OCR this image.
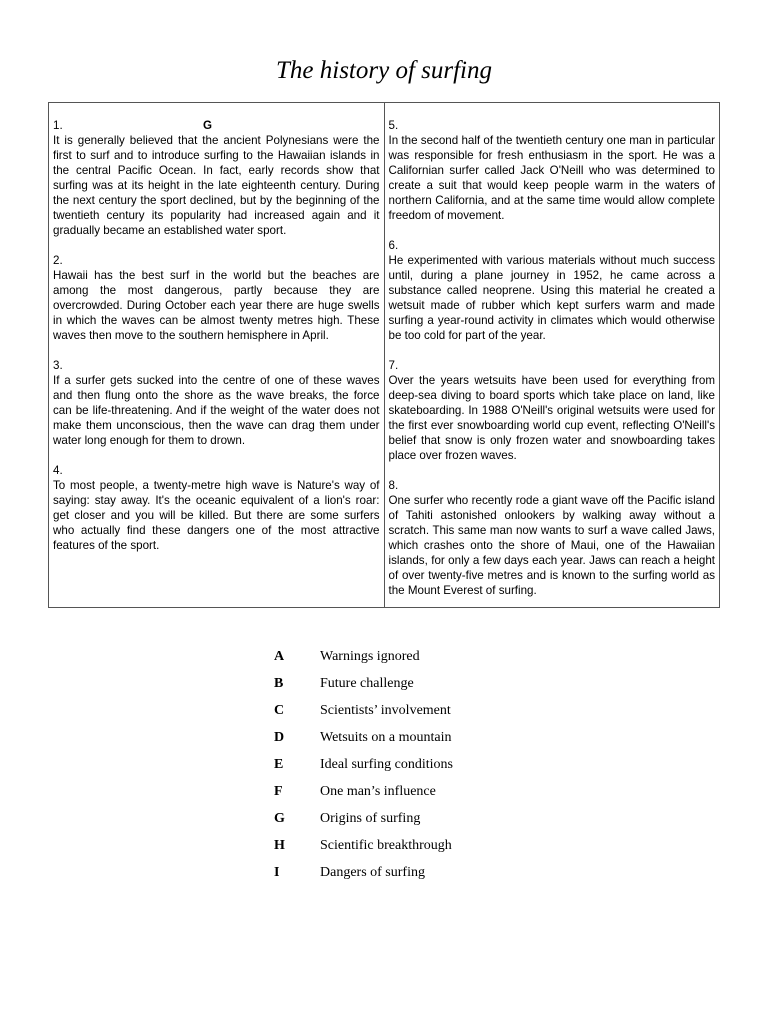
The history of surfing
1.	G
It is generally believed that the ancient Polynesians were the first to surf and to introduce surfing to the Hawaiian islands in the central Pacific Ocean. In fact, early records show that surfing was at its height in the late eighteenth century. During the next century the sport declined, but by the beginning of the twentieth century its popularity had increased again and it gradually became an established water sport.
2.
Hawaii has the best surf in the world but the beaches are among the most dangerous, partly because they are overcrowded. During October each year there are huge swells in which the waves can be almost twenty metres high. These waves then move to the southern hemisphere in April.
3.
If a surfer gets sucked into the centre of one of these waves and then flung onto the shore as the wave breaks, the force can be life-threatening. And if the weight of the water does not make them unconscious, then the wave can drag them under water long enough for them to drown.
4.
To most people, a twenty-metre high wave is Nature's way of saying: stay away. It's the oceanic equivalent of a lion's roar: get closer and you will be killed. But there are some surfers who actually find these dangers one of the most attractive features of the sport.
5.
In the second half of the twentieth century one man in particular was responsible for fresh enthusiasm in the sport. He was a Californian surfer called Jack O'Neill who was determined to create a suit that would keep people warm in the waters of northern California, and at the same time would allow complete freedom of movement.
6.
He experimented with various materials without much success until, during a plane journey in 1952, he came across a substance called neoprene. Using this material he created a wetsuit made of rubber which kept surfers warm and made surfing a year-round activity in climates which would otherwise be too cold for part of the year.
7.
Over the years wetsuits have been used for everything from deep-sea diving to board sports which take place on land, like skateboarding. In 1988 O'Neill's original wetsuits were used for the first ever snowboarding world cup event, reflecting O'Neill's belief that snow is only frozen water and snowboarding takes place over frozen waves.
8.
One surfer who recently rode a giant wave off the Pacific island of Tahiti astonished onlookers by walking away without a scratch. This same man now wants to surf a wave called Jaws, which crashes onto the shore of Maui, one of the Hawaiian islands, for only a few days each year. Jaws can reach a height of over twenty-five metres and is known to the surfing world as the Mount Everest of surfing.
A	Warnings ignored
B	Future challenge
C	Scientists’ involvement
D	Wetsuits on a mountain
E	Ideal surfing conditions
F	One man’s influence
G	Origins of surfing
H	Scientific breakthrough
I	Dangers of surfing
